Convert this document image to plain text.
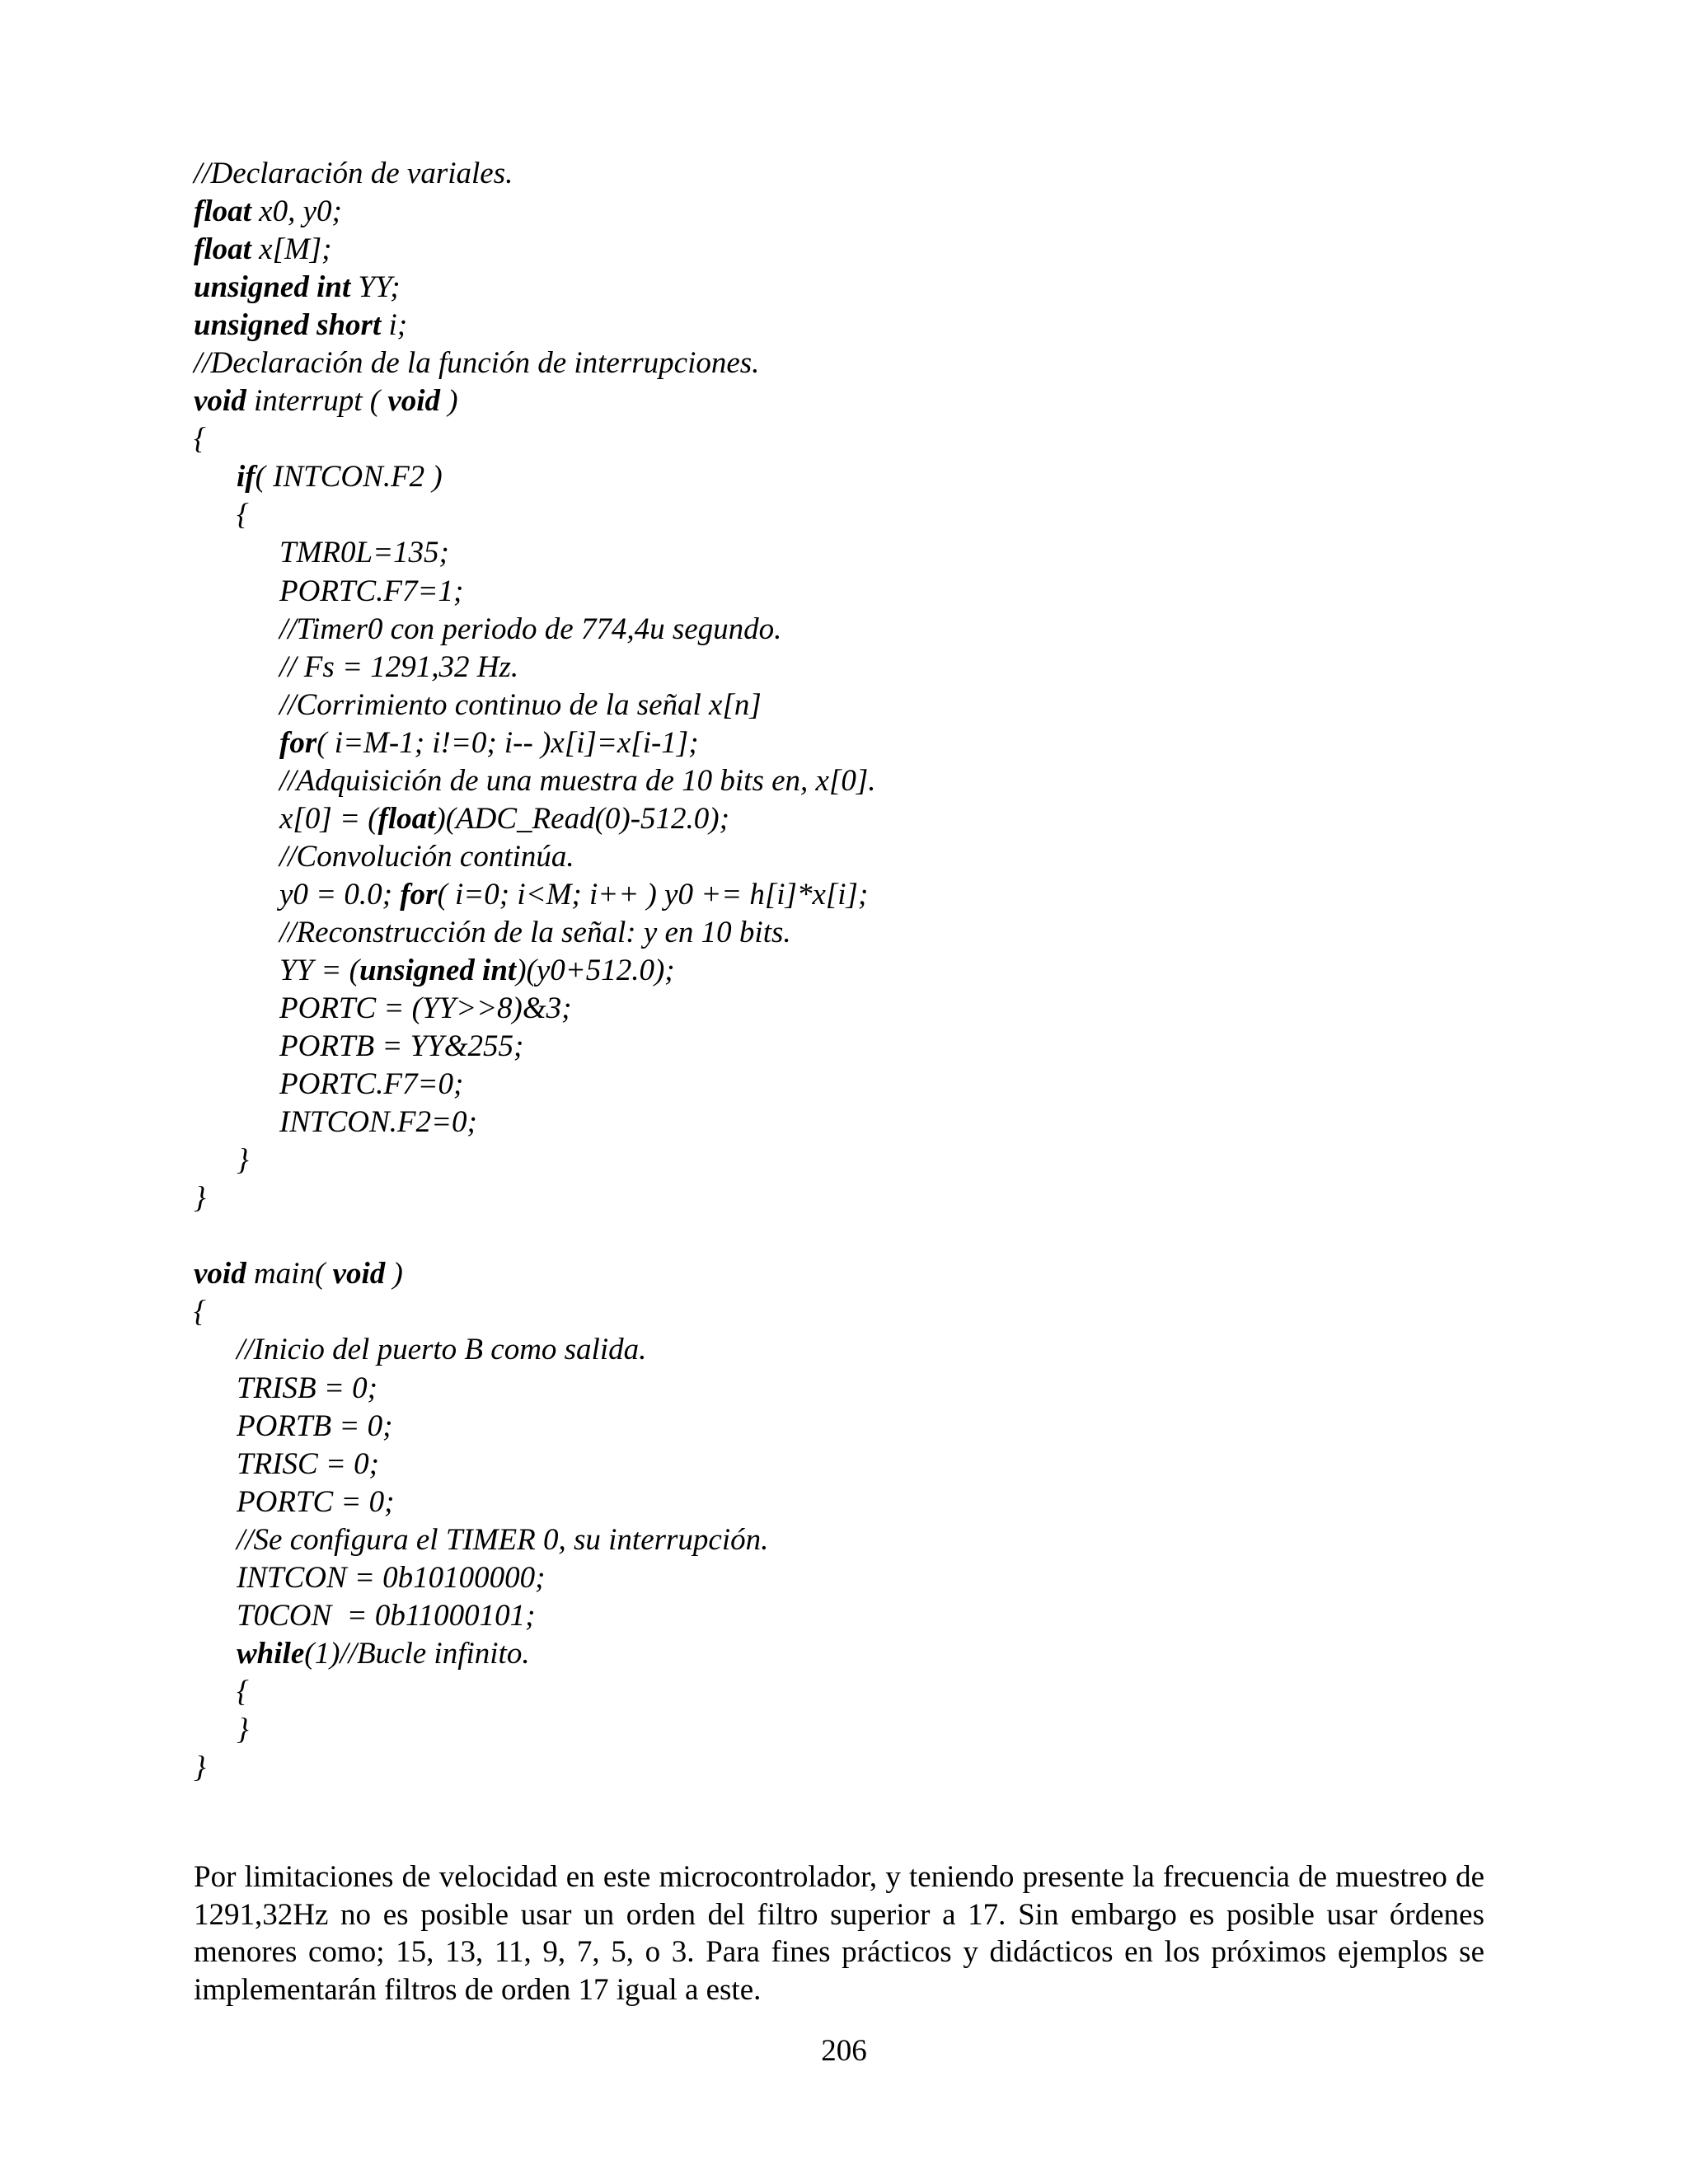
//Declaración de variales.
float x0, y0;
float x[M];
unsigned int YY;
unsigned short i;
//Declaración de la función de interrupciones.
void interrupt ( void )
{
if( INTCON.F2 )
{
TMR0L=135;
PORTC.F7=1;
//Timer0 con periodo de 774,4u segundo.
// Fs = 1291,32 Hz.
//Corrimiento continuo de la señal x[n]
for( i=M-1; i!=0; i-- )x[i]=x[i-1];
//Adquisición de una muestra de 10 bits en, x[0].
x[0] = (float)(ADC_Read(0)-512.0);
//Convolución continúa.
y0 = 0.0; for( i=0; i<M; i++ ) y0 += h[i]*x[i];
//Reconstrucción de la señal: y en 10 bits.
YY = (unsigned int)(y0+512.0);
PORTC = (YY>>8)&3;
PORTB = YY&255;
PORTC.F7=0;
INTCON.F2=0;
}
}
void main( void )
{
//Inicio del puerto B como salida.
TRISB = 0;
PORTB = 0;
TRISC = 0;
PORTC = 0;
//Se configura el TIMER 0, su interrupción.
INTCON = 0b10100000;
T0CON  = 0b11000101;
while(1)//Bucle infinito.
{
}
}

Por limitaciones de velocidad en este microcontrolador, y teniendo presente la frecuencia de muestreo de 1291,32Hz no es posible usar un orden del filtro superior a 17. Sin embargo es posible usar órdenes menores como; 15, 13, 11, 9, 7, 5, o 3. Para fines prácticos y didácticos en los próximos ejemplos se implementarán filtros de orden 17 igual a este.

206
